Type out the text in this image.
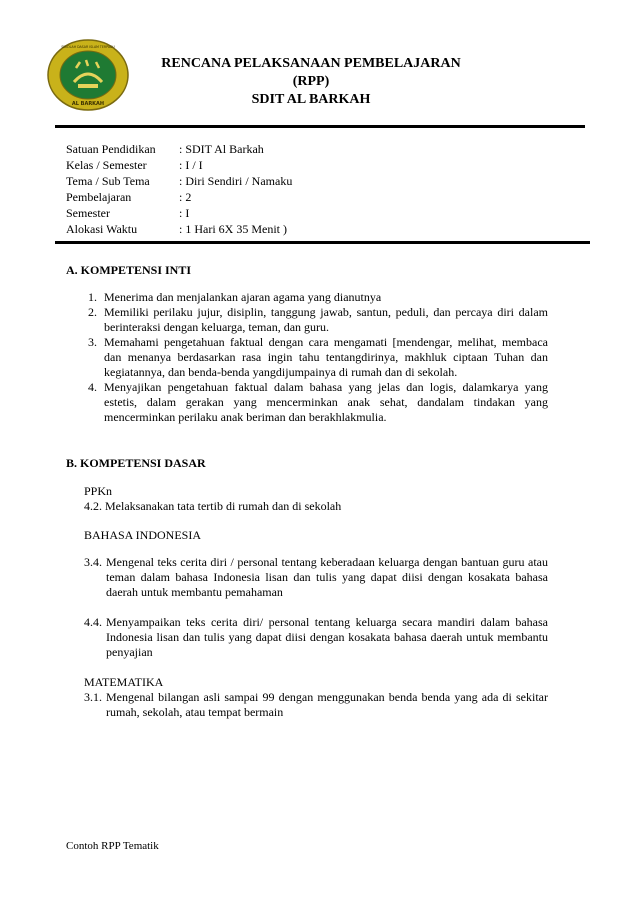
AL BARKAH
SEKOLAH DASAR ISLAM TERPADU
RENCANA PELAKSANAAN PEMBELAJARAN
(RPP)
SDIT AL BARKAH
Satuan Pendidikan	: SDIT Al Barkah
Kelas / Semester	: I / I
Tema / Sub Tema	: Diri Sendiri / Namaku
Pembelajaran	: 2
Semester	: I
Alokasi Waktu	: 1 Hari 6X 35 Menit )
A. KOMPETENSI INTI
1. Menerima dan menjalankan ajaran agama yang dianutnya
2. Memiliki perilaku jujur, disiplin, tanggung jawab, santun, peduli, dan percaya diri dalam berinteraksi dengan keluarga, teman, dan guru.
3. Memahami pengetahuan faktual dengan cara mengamati [mendengar, melihat, membaca dan menanya berdasarkan rasa ingin tahu tentangdirinya, makhluk ciptaan Tuhan dan kegiatannya, dan benda-benda yangdijumpainya di rumah dan di sekolah.
4. Menyajikan pengetahuan faktual dalam bahasa yang jelas dan logis, dalamkarya yang estetis, dalam gerakan yang mencerminkan anak sehat, dandalam tindakan yang mencerminkan perilaku anak beriman dan berakhlakmulia.
B. KOMPETENSI DASAR
PPKn
4.2. Melaksanakan tata tertib di rumah dan di sekolah
BAHASA INDONESIA
3.4. Mengenal teks cerita diri / personal tentang keberadaan keluarga dengan bantuan guru atau teman dalam bahasa Indonesia lisan dan tulis yang dapat diisi dengan kosakata bahasa daerah untuk membantu pemahaman
4.4. Menyampaikan teks cerita diri/ personal tentang keluarga secara mandiri dalam bahasa Indonesia lisan dan tulis yang dapat diisi dengan kosakata bahasa daerah untuk membantu penyajian
MATEMATIKA
3.1. Mengenal bilangan asli sampai 99 dengan menggunakan benda benda yang ada di sekitar rumah, sekolah, atau tempat bermain
Contoh RPP Tematik
